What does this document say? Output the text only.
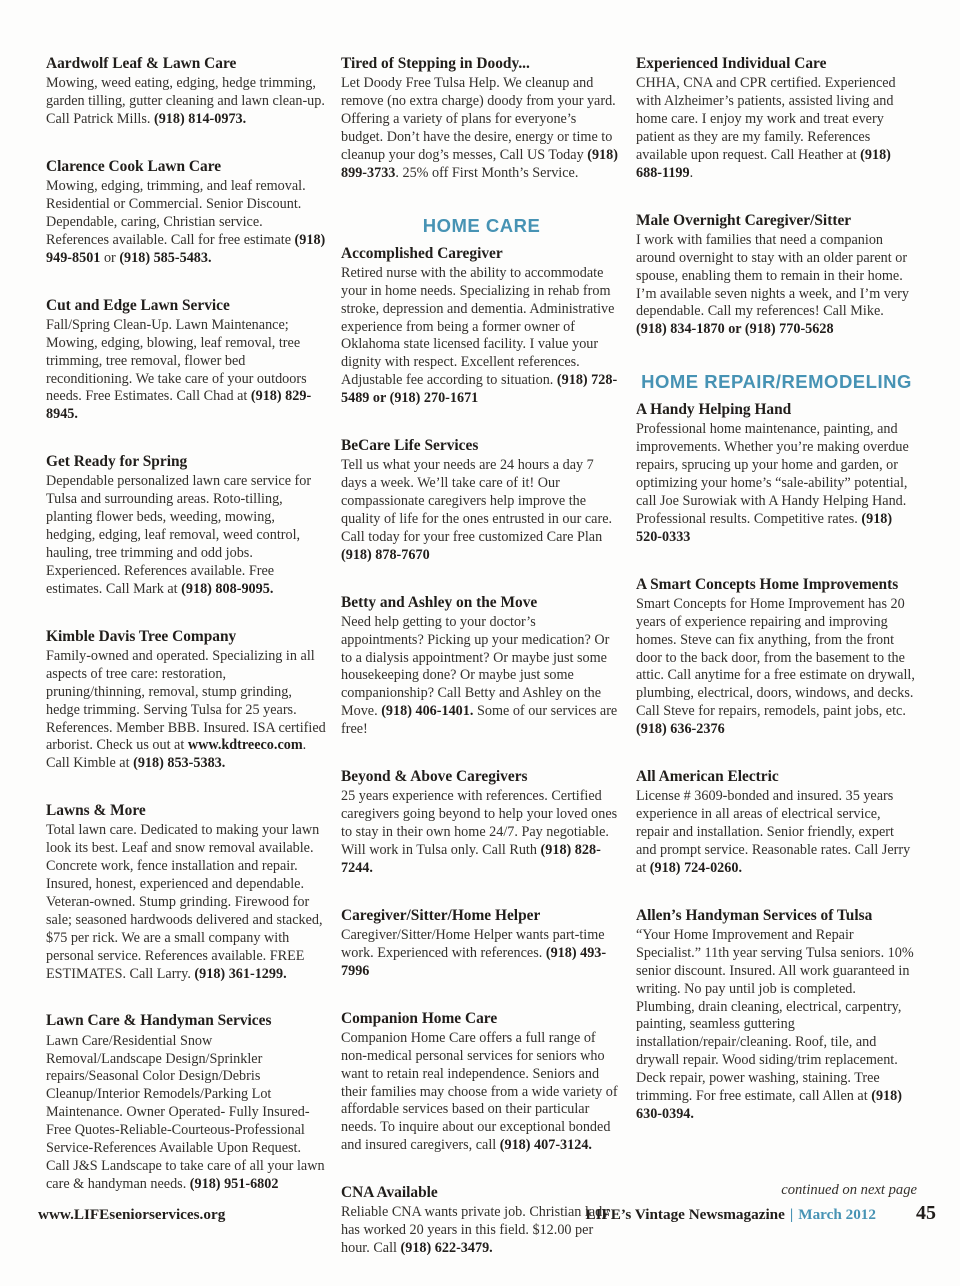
Aardwolf Leaf & Lawn Care
Mowing, weed eating, edging, hedge trimming, garden tilling, gutter cleaning and lawn clean-up. Call Patrick Mills. (918) 814-0973.
Clarence Cook Lawn Care
Mowing, edging, trimming, and leaf removal. Residential or Commercial. Senior Discount. Dependable, caring, Christian service. References available. Call for free estimate (918) 949-8501 or (918) 585-5483.
Cut and Edge Lawn Service
Fall/Spring Clean-Up. Lawn Maintenance; Mowing, edging, blowing, leaf removal, tree trimming, tree removal, flower bed reconditioning. We take care of your outdoors needs. Free Estimates. Call Chad at (918) 829-8945.
Get Ready for Spring
Dependable personalized lawn care service for Tulsa and surrounding areas. Roto-tilling, planting flower beds, weeding, mowing, hedging, edging, leaf removal, weed control, hauling, tree trimming and odd jobs. Experienced. References available. Free estimates. Call Mark at (918) 808-9095.
Kimble Davis Tree Company
Family-owned and operated. Specializing in all aspects of tree care: restoration, pruning/thinning, removal, stump grinding, hedge trimming. Serving Tulsa for 25 years. References. Member BBB. Insured. ISA certified arborist. Check us out at www.kdtreeco.com. Call Kimble at (918) 853-5383.
Lawns & More
Total lawn care. Dedicated to making your lawn look its best. Leaf and snow removal available. Concrete work, fence installation and repair. Insured, honest, experienced and dependable. Veteran-owned. Stump grinding. Firewood for sale; seasoned hardwoods delivered and stacked, $75 per rick. We are a small company with personal service. References available. FREE ESTIMATES. Call Larry. (918) 361-1299.
Lawn Care & Handyman Services
Lawn Care/Residential Snow Removal/Landscape Design/Sprinkler repairs/Seasonal Color Design/Debris Cleanup/Interior Remodels/Parking Lot Maintenance. Owner Operated- Fully Insured- Free Quotes-Reliable-Courteous-Professional Service-References Available Upon Request. Call J&S Landscape to take care of all your lawn care & handyman needs. (918) 951-6802
Tired of Stepping in Doody...
Let Doody Free Tulsa Help. We cleanup and remove (no extra charge) doody from your yard. Offering a variety of plans for everyone’s budget. Don’t have the desire, energy or time to cleanup your dog’s messes, Call US Today (918) 899-3733. 25% off First Month’s Service.
HOME CARE
Accomplished Caregiver
Retired nurse with the ability to accommodate your in home needs. Specializing in rehab from stroke, depression and dementia. Administrative experience from being a former owner of Oklahoma state licensed facility. I value your dignity with respect. Excellent references. Adjustable fee according to situation. (918) 728-5489 or (918) 270-1671
BeCare Life Services
Tell us what your needs are 24 hours a day 7 days a week. We’ll take care of it! Our compassionate caregivers help improve the quality of life for the ones entrusted in our care. Call today for your free customized Care Plan (918) 878-7670
Betty and Ashley on the Move
Need help getting to your doctor’s appointments? Picking up your medication? Or to a dialysis appointment? Or maybe just some housekeeping done? Or maybe just some companionship? Call Betty and Ashley on the Move. (918) 406-1401. Some of our services are free!
Beyond & Above Caregivers
25 years experience with references. Certified caregivers going beyond to help your loved ones to stay in their own home 24/7. Pay negotiable. Will work in Tulsa only. Call Ruth (918) 828-7244.
Caregiver/Sitter/Home Helper
Caregiver/Sitter/Home Helper wants part-time work. Experienced with references. (918) 493-7996
Companion Home Care
Companion Home Care offers a full range of non-medical personal services for seniors who want to retain real independence. Seniors and their families may choose from a wide variety of affordable services based on their particular needs. To inquire about our exceptional bonded and insured caregivers, call (918) 407-3124.
CNA Available
Reliable CNA wants private job. Christian lady has worked 20 years in this field. $12.00 per hour. Call (918) 622-3479.
Experienced Individual Care
CHHA, CNA and CPR certified. Experienced with Alzheimer’s patients, assisted living and home care. I enjoy my work and treat every patient as they are my family. References available upon request. Call Heather at (918) 688-1199.
Male Overnight Caregiver/Sitter
I work with families that need a companion around overnight to stay with an older parent or spouse, enabling them to remain in their home. I’m available seven nights a week, and I’m very dependable. Call my references! Call Mike. (918) 834-1870 or (918) 770-5628
HOME REPAIR/REMODELING
A Handy Helping Hand
Professional home maintenance, painting, and improvements. Whether you’re making overdue repairs, sprucing up your home and garden, or optimizing your home’s “sale-ability” potential, call Joe Surowiak with A Handy Helping Hand. Professional results. Competitive rates. (918) 520-0333
A Smart Concepts Home Improvements
Smart Concepts for Home Improvement has 20 years of experience repairing and improving homes. Steve can fix anything, from the front door to the back door, from the basement to the attic. Call anytime for a free estimate on drywall, plumbing, electrical, doors, windows, and decks. Call Steve for repairs, remodels, paint jobs, etc. (918) 636-2376
All American Electric
License # 3609-bonded and insured. 35 years experience in all areas of electrical service, repair and installation. Senior friendly, expert and prompt service. Reasonable rates. Call Jerry at (918) 724-0260.
Allen’s Handyman Services of Tulsa
“Your Home Improvement and Repair Specialist.” 11th year serving Tulsa seniors. 10% senior discount. Insured. All work guaranteed in writing. No pay until job is completed. Plumbing, drain cleaning, electrical, carpentry, painting, seamless guttering installation/repair/cleaning. Roof, tile, and drywall repair. Wood siding/trim replacement. Deck repair, power washing, staining. Tree trimming. For free estimate, call Allen at (918) 630-0394.
continued on next page
www.LIFEseniorservices.org	LIFE’s Vintage Newsmagazine | March 2012 45
